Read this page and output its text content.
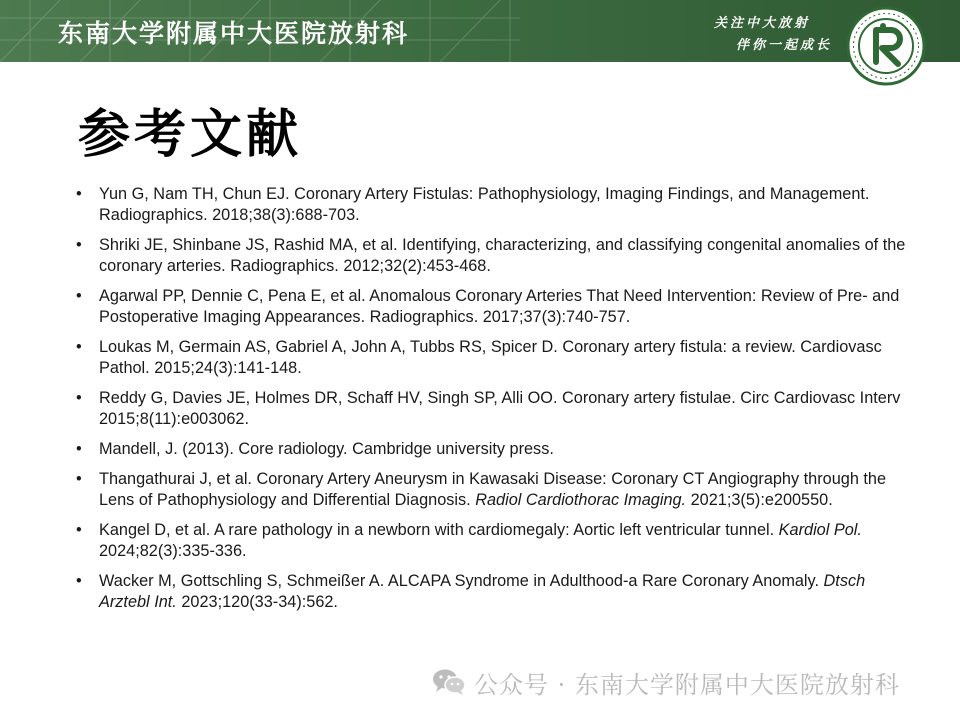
东南大学附属中大医院放射科	关注中大放射
伴你一起成长
参考文献
• Yun G, Nam TH, Chun EJ. Coronary Artery Fistulas: Pathophysiology, Imaging Findings, and Management. Radiographics. 2018;38(3):688-703.
• Shriki JE, Shinbane JS, Rashid MA, et al. Identifying, characterizing, and classifying congenital anomalies of the coronary arteries. Radiographics. 2012;32(2):453-468.
• Agarwal PP, Dennie C, Pena E, et al. Anomalous Coronary Arteries That Need Intervention: Review of Pre- and Postoperative Imaging Appearances. Radiographics. 2017;37(3):740-757.
• Loukas M, Germain AS, Gabriel A, John A, Tubbs RS, Spicer D. Coronary artery fistula: a review. Cardiovasc Pathol. 2015;24(3):141-148.
• Reddy G, Davies JE, Holmes DR, Schaff HV, Singh SP, Alli OO. Coronary artery fistulae. Circ Cardiovasc Interv 2015;8(11):e003062.
• Mandell, J. (2013). Core radiology. Cambridge university press.
• Thangathurai J, et al. Coronary Artery Aneurysm in Kawasaki Disease: Coronary CT Angiography through the Lens of Pathophysiology and Differential Diagnosis. Radiol Cardiothorac Imaging. 2021;3(5):e200550.
• Kangel D, et al. A rare pathology in a newborn with cardiomegaly: Aortic left ventricular tunnel. Kardiol Pol. 2024;82(3):335-336.
• Wacker M, Gottschling S, Schmeißer A. ALCAPA Syndrome in Adulthood-a Rare Coronary Anomaly. Dtsch Arztebl Int. 2023;120(33-34):562.
公众号 · 东南大学附属中大医院放射科
